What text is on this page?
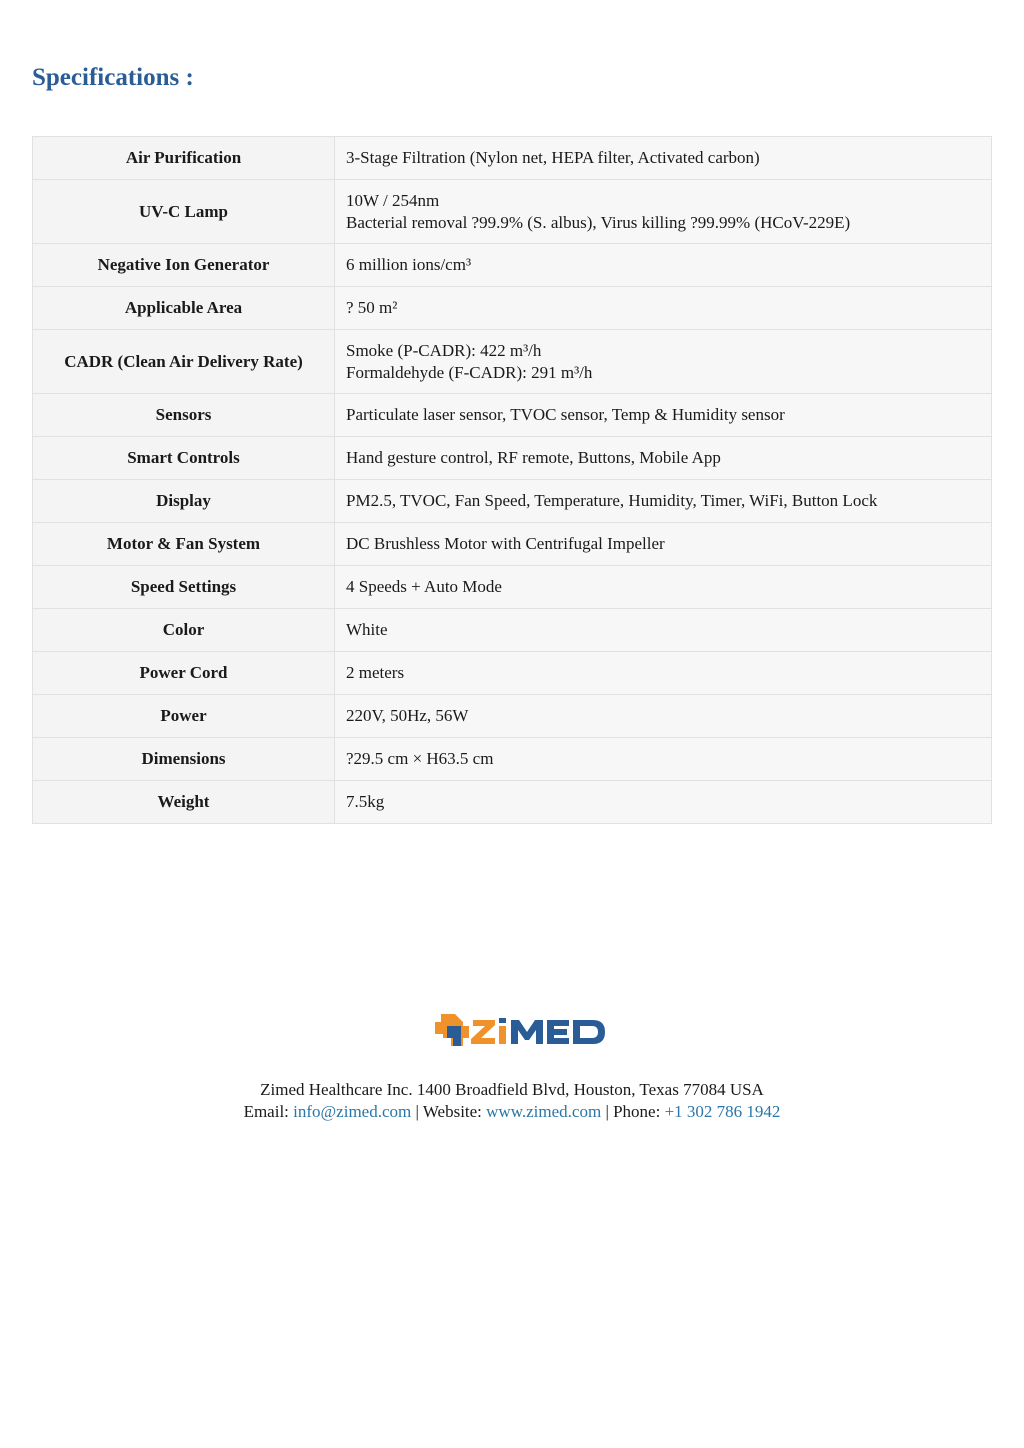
Specifications :
Air Purification	3-Stage Filtration (Nylon net, HEPA filter, Activated carbon)

UV-C Lamp	10W / 254nm
Bacterial removal ?99.9% (S. albus), Virus killing ?99.99% (HCoV-229E)

Negative Ion Generator	6 million ions/cm³

Applicable Area	? 50 m²

CADR (Clean Air Delivery Rate)	Smoke (P-CADR): 422 m³/h
Formaldehyde (F-CADR): 291 m³/h

Sensors	Particulate laser sensor, TVOC sensor, Temp & Humidity sensor

Smart Controls	Hand gesture control, RF remote, Buttons, Mobile App

Display	PM2.5, TVOC, Fan Speed, Temperature, Humidity, Timer, WiFi, Button Lock

Motor & Fan System	DC Brushless Motor with Centrifugal Impeller

Speed Settings	4 Speeds + Auto Mode

Color	White

Power Cord	2 meters

Power	220V, 50Hz, 56W

Dimensions	?29.5 cm × H63.5 cm

Weight	7.5kg
Zimed Healthcare Inc. 1400 Broadfield Blvd, Houston, Texas 77084 USA
Email: info@zimed.com | Website: www.zimed.com | Phone: +1 302 786 1942
